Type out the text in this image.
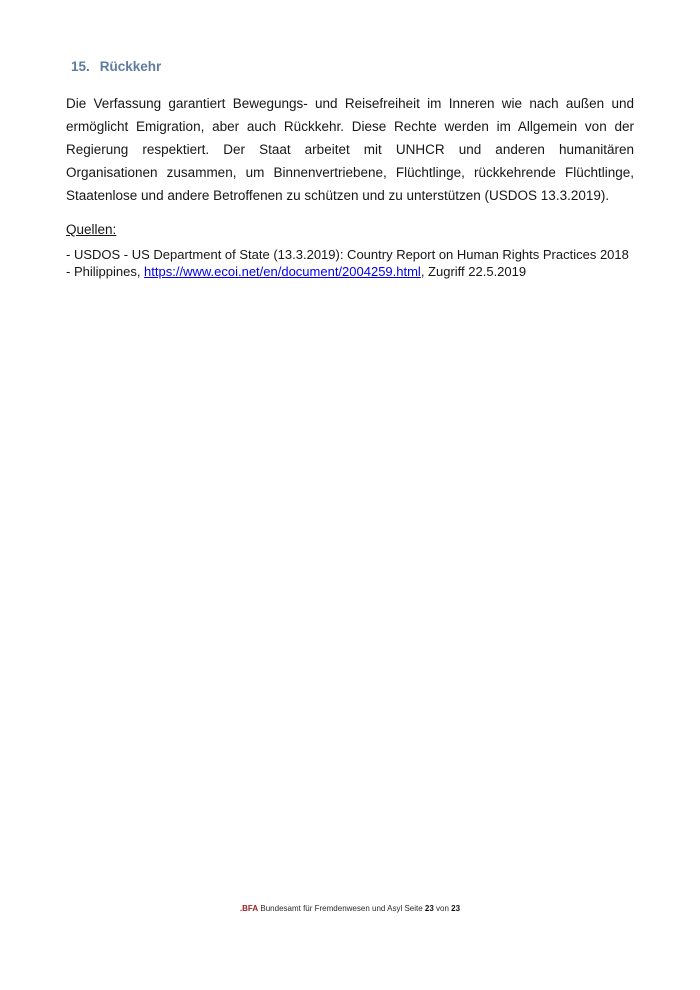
15. Rückkehr

Die Verfassung garantiert Bewegungs- und Reisefreiheit im Inneren wie nach außen und ermöglicht Emigration, aber auch Rückkehr. Diese Rechte werden im Allgemein von der Regierung respektiert. Der Staat arbeitet mit UNHCR und anderen humanitären Organisationen zusammen, um Binnenvertriebene, Flüchtlinge, rückkehrende Flüchtlinge, Staatenlose und andere Betroffenen zu schützen und zu unterstützen (USDOS 13.3.2019).

Quellen:

- USDOS - US Department of State (13.3.2019): Country Report on Human Rights Practices 2018
- Philippines, https://www.ecoi.net/en/document/2004259.html, Zugriff 22.5.2019
.BFA Bundesamt für Fremdenwesen und Asyl Seite 23 von 23
